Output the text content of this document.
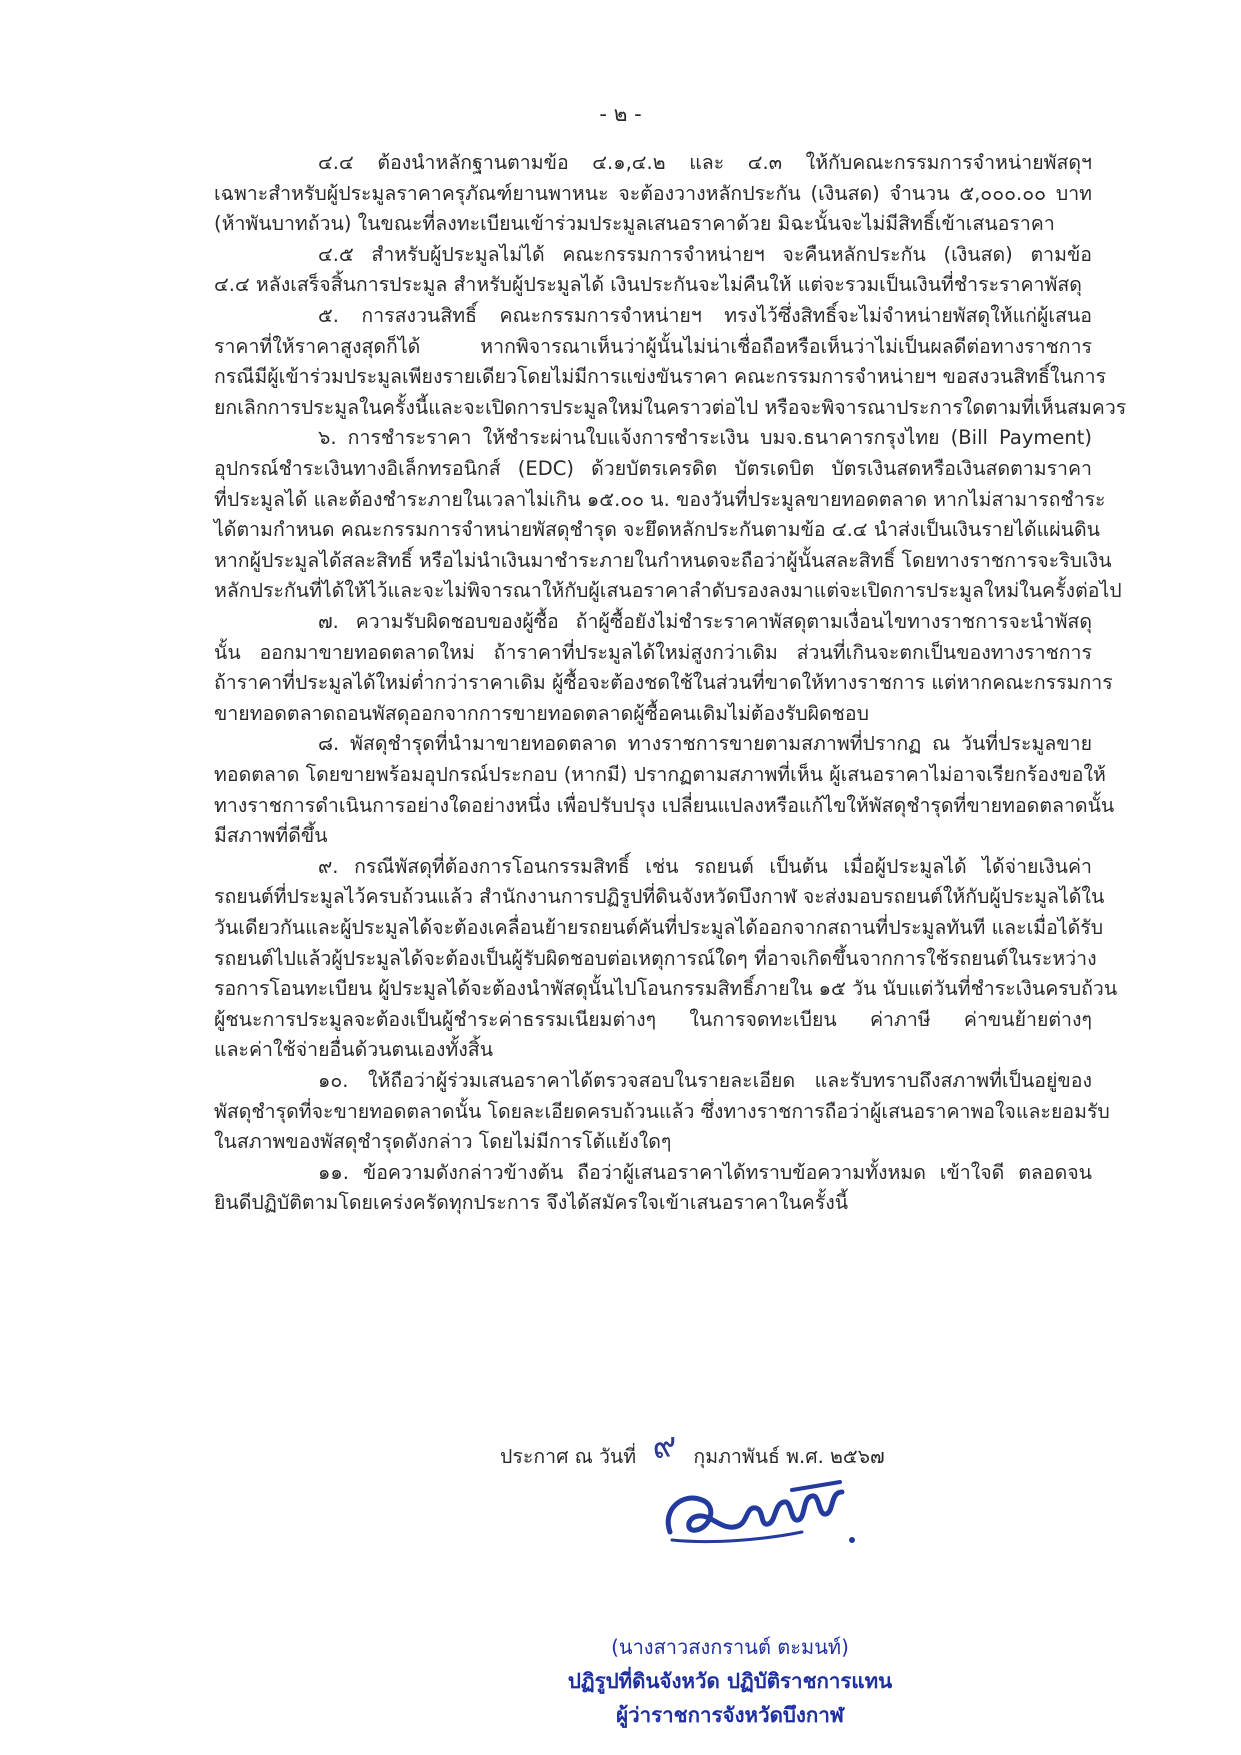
- ๒ -
๔.๔ ต้องนำหลักฐานตามข้อ ๔.๑,๔.๒ และ ๔.๓ ให้กับคณะกรรมการจำหน่ายพัสดุฯ
เฉพาะสำหรับผู้ประมูลราคาครุภัณฑ์ยานพาหนะ จะต้องวางหลักประกัน (เงินสด) จำนวน ๕,๐๐๐.๐๐ บาท
(ห้าพันบาทถ้วน) ในขณะที่ลงทะเบียนเข้าร่วมประมูลเสนอราคาด้วย มิฉะนั้นจะไม่มีสิทธิ์เข้าเสนอราคา
๔.๕ สำหรับผู้ประมูลไม่ได้ คณะกรรมการจำหน่ายฯ จะคืนหลักประกัน (เงินสด) ตามข้อ
๔.๔ หลังเสร็จสิ้นการประมูล สำหรับผู้ประมูลได้ เงินประกันจะไม่คืนให้ แต่จะรวมเป็นเงินที่ชำระราคาพัสดุ
๕. การสงวนสิทธิ์ คณะกรรมการจำหน่ายฯ ทรงไว้ซึ่งสิทธิ์จะไม่จำหน่ายพัสดุให้แก่ผู้เสนอ
ราคาที่ให้ราคาสูงสุดก็ได้ หากพิจารณาเห็นว่าผู้นั้นไม่น่าเชื่อถือหรือเห็นว่าไม่เป็นผลดีต่อทางราชการ
กรณีมีผู้เข้าร่วมประมูลเพียงรายเดียวโดยไม่มีการแข่งขันราคา คณะกรรมการจำหน่ายฯ ขอสงวนสิทธิ์ในการ
ยกเลิกการประมูลในครั้งนี้และจะเปิดการประมูลใหม่ในคราวต่อไป หรือจะพิจารณาประการใดตามที่เห็นสมควร
๖. การชำระราคา ให้ชำระผ่านใบแจ้งการชำระเงิน บมจ.ธนาคารกรุงไทย (Bill Payment)
อุปกรณ์ชำระเงินทางอิเล็กทรอนิกส์ (EDC) ด้วยบัตรเครดิต บัตรเดบิต บัตรเงินสดหรือเงินสดตามราคา
ที่ประมูลได้ และต้องชำระภายในเวลาไม่เกิน ๑๕.๐๐ น. ของวันที่ประมูลขายทอดตลาด หากไม่สามารถชำระ
ได้ตามกำหนด คณะกรรมการจำหน่ายพัสดุชำรุด จะยึดหลักประกันตามข้อ ๔.๔ นำส่งเป็นเงินรายได้แผ่นดิน
หากผู้ประมูลได้สละสิทธิ์ หรือไม่นำเงินมาชำระภายในกำหนดจะถือว่าผู้นั้นสละสิทธิ์ โดยทางราชการจะริบเงิน
หลักประกันที่ได้ให้ไว้และจะไม่พิจารณาให้กับผู้เสนอราคาลำดับรองลงมาแต่จะเปิดการประมูลใหม่ในครั้งต่อไป
๗. ความรับผิดชอบของผู้ซื้อ ถ้าผู้ซื้อยังไม่ชำระราคาพัสดุตามเงื่อนไขทางราชการจะนำพัสดุ
นั้น ออกมาขายทอดตลาดใหม่ ถ้าราคาที่ประมูลได้ใหม่สูงกว่าเดิม ส่วนที่เกินจะตกเป็นของทางราชการ
ถ้าราคาที่ประมูลได้ใหม่ต่ำกว่าราคาเดิม ผู้ซื้อจะต้องชดใช้ในส่วนที่ขาดให้ทางราชการ แต่หากคณะกรรมการ
ขายทอดตลาดถอนพัสดุออกจากการขายทอดตลาดผู้ซื้อคนเดิมไม่ต้องรับผิดชอบ
๘. พัสดุชำรุดที่นำมาขายทอดตลาด ทางราชการขายตามสภาพที่ปรากฏ ณ วันที่ประมูลขาย
ทอดตลาด โดยขายพร้อมอุปกรณ์ประกอบ (หากมี) ปรากฏตามสภาพที่เห็น ผู้เสนอราคาไม่อาจเรียกร้องขอให้
ทางราชการดำเนินการอย่างใดอย่างหนึ่ง เพื่อปรับปรุง เปลี่ยนแปลงหรือแก้ไขให้พัสดุชำรุดที่ขายทอดตลาดนั้น
มีสภาพที่ดีขึ้น
๙. กรณีพัสดุที่ต้องการโอนกรรมสิทธิ์ เช่น รถยนต์ เป็นต้น เมื่อผู้ประมูลได้ ได้จ่ายเงินค่า
รถยนต์ที่ประมูลไว้ครบถ้วนแล้ว สำนักงานการปฏิรูปที่ดินจังหวัดบึงกาฬ จะส่งมอบรถยนต์ให้กับผู้ประมูลได้ใน
วันเดียวกันและผู้ประมูลได้จะต้องเคลื่อนย้ายรถยนต์คันที่ประมูลได้ออกจากสถานที่ประมูลทันที และเมื่อได้รับ
รถยนต์ไปแล้วผู้ประมูลได้จะต้องเป็นผู้รับผิดชอบต่อเหตุการณ์ใดๆ ที่อาจเกิดขึ้นจากการใช้รถยนต์ในระหว่าง
รอการโอนทะเบียน ผู้ประมูลได้จะต้องนำพัสดุนั้นไปโอนกรรมสิทธิ์ภายใน ๑๕ วัน นับแต่วันที่ชำระเงินครบถ้วน
ผู้ชนะการประมูลจะต้องเป็นผู้ชำระค่าธรรมเนียมต่างๆ ในการจดทะเบียน ค่าภาษี ค่าขนย้ายต่างๆ
และค่าใช้จ่ายอื่นด้วนตนเองทั้งสิ้น
๑๐. ให้ถือว่าผู้ร่วมเสนอราคาได้ตรวจสอบในรายละเอียด และรับทราบถึงสภาพที่เป็นอยู่ของ
พัสดุชำรุดที่จะขายทอดตลาดนั้น โดยละเอียดครบถ้วนแล้ว ซึ่งทางราชการถือว่าผู้เสนอราคาพอใจและยอมรับ
ในสภาพของพัสดุชำรุดดังกล่าว โดยไม่มีการโต้แย้งใดๆ
๑๑. ข้อความดังกล่าวข้างต้น ถือว่าผู้เสนอราคาได้ทราบข้อความทั้งหมด เข้าใจดี ตลอดจน
ยินดีปฏิบัติตามโดยเคร่งครัดทุกประการ จึงได้สมัครใจเข้าเสนอราคาในครั้งนี้
ประกาศ ณ วันที่ ๙ กุมภาพันธ์ พ.ศ. ๒๕๖๗
(นางสาวสงกรานต์ ตะมนท์)
ปฏิรูปที่ดินจังหวัด ปฏิบัติราชการแทน
ผู้ว่าราชการจังหวัดบึงกาฬ
